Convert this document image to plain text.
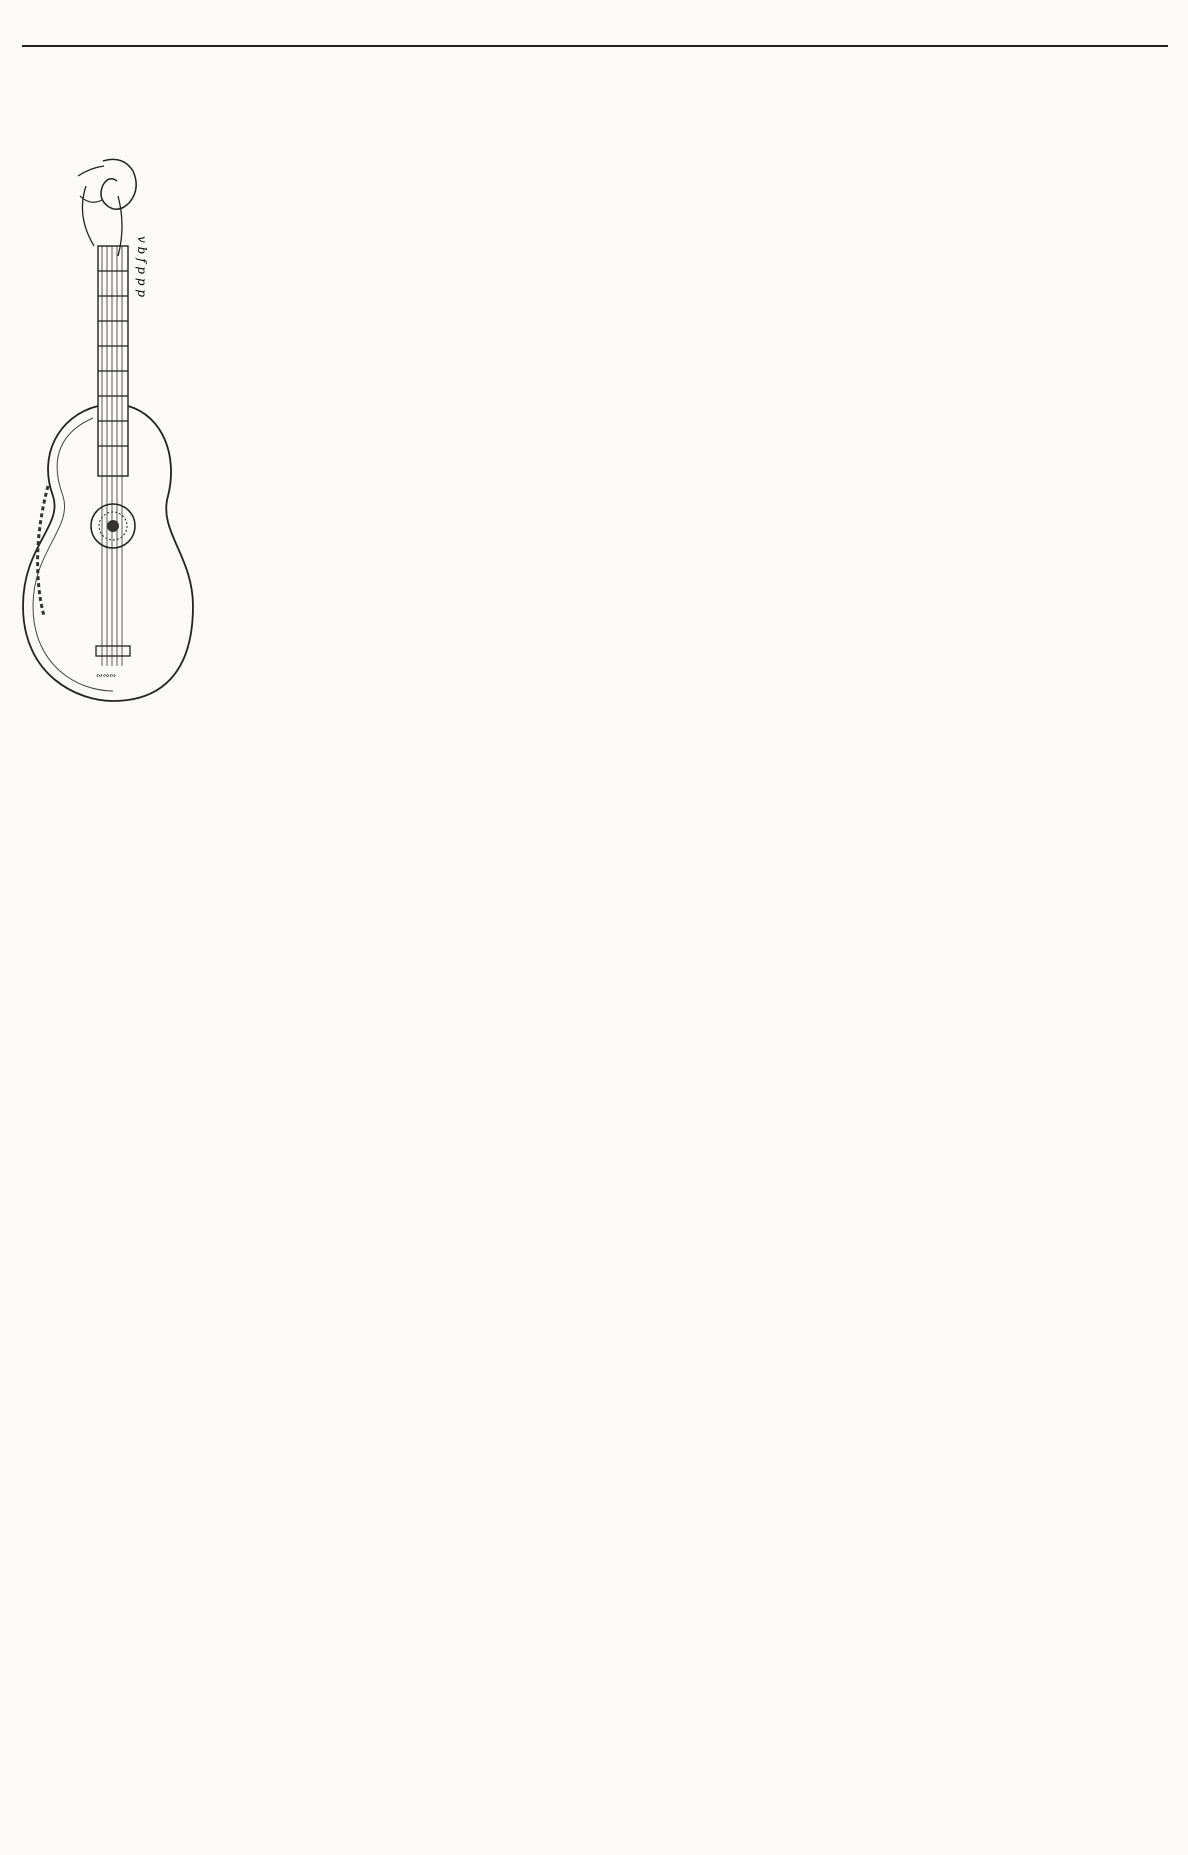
∾∾∾
v b f p p p
